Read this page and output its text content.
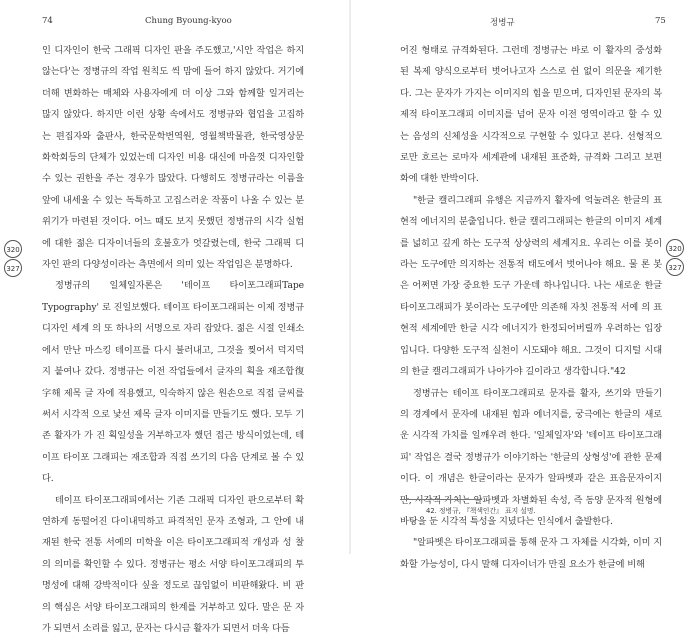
74	Chung Byoung-kyoo
320
327

인 디자인이 한국 그래픽 디자인 판을 주도했고,'시안 작업은 하지 않는다'는 정병규의 작업 원칙도 씩 맘에 들어 하지 않았다. 거기에 더해 변화하는 매체와 사용자에게 더 이상 그와 함께할 일거리는 많지 않았다. 하지만 이런 상황 속에서도 정병규와 협업을 고집하 는 편집자와 출판사, 한국문학번역원, 영월책박물관, 한국영상문 화학회등의 단체가 있었는데 디자인 비용 대신에 마음껏 디자인할 수 있는 권한을 주는 경우가 많았다. 다행히도 정병규라는 이름을 앞에 내세울 수 있는 독특하고 고집스러운 작품이 나올 수 있는 분 위기가 마련된 것이다. 어느 때도 보지 못했던 정병규의 시각 실험 에 대한 젊은 디자이너들의 호불호가 엇갈렸는데, 한국 그래픽 디 자인 판의 다양성이라는 측면에서 의미 있는 작업임은 분명하다.

정병규의 일체일자론은 '테이프 타이포그래피Tape Typography' 로 진일보했다. 테이프 타이포그래피는 이제 정병규 디자인 세계 의 또 하나의 서명으로 자리 잡았다. 젊은 시절 인쇄소에서 만난 마스킹 테이프를 다시 불러내고, 그것을 찢어서 덕지덕지 붙여나 갔다. 정병규는 이전 작업들에서 글자의 획을 재조합復字해 제목 글 자에 적용했고, 익숙하지 않은 원손으로 직접 글씨를 써서 시각적 으로 낯선 제목 글자 이미지를 만들기도 했다. 모두 기존 활자가 가 진 획일성을 거부하고자 했던 접근 방식이었는데, 테이프 타이포 그래피는 재조합과 직접 쓰기의 다음 단계로 볼 수 있다.

테이프 타이포그래피에서는 기존 그래픽 디자인 판으로부터 확연하게 동떨어진 다이내믹하고 파격적인 문자 조형과, 그 안에 내재된 한국 전통 서예의 미학을 이은 타이포그래피적 개성과 성 찰의 의미를 확인할 수 있다. 정병규는 평소 서양 타이포그래피의 투명성에 대해 강박적이다 싶을 정도로 끊임없이 비판해왔다. 비 판의 핵심은 서양 타이포그래피의 한계를 거부하고 있다. 말은 문 자가 되면서 소리를 잃고, 문자는 다시금 활자가 되면서 더욱 다듬

정병규	75
320
327

어진 형태로 규격화된다. 그런데 정병규는 바로 이 활자의 중성화 된 복제 양식으로부터 벗어나고자 스스로 쉰 없이 의문을 제기한 다. 그는 문자가 가지는 이미지의 힘을 믿으며, 디자인된 문자의 복 제적 타이포그래피 이미지를 넘어 문자 이전 영역이라고 할 수 있 는 음성의 신체성을 시각적으로 구현할 수 있다고 본다. 선형적으 로만 흐르는 로마자 세계관에 내재된 표준화, 규격화 그리고 보편 화에 대한 반박이다.

"한글 캘리그래피 유행은 지금까지 활자에 억눌려온 한글의 표현적 에너지의 분출입니다. 한글 캘리그래피는 한글의 이미지 세계를 넓히고 깊게 하는 도구적 상상력의 세계지요. 우리는 이를 봇이라는 도구에만 의지하는 전통적 태도에서 벗어나야 해요. 물 론 봇은 어쩌면 가장 중요한 도구 가운데 하나입니다. 나는 새로운 한글 타이포그래피가 봇이라는 도구에만 의존해 자칫 전통적 서예 의 표현적 세계에만 한글 시각 에너지가 한정되어버릴까 우려하는 입장입니다. 다양한 도구적 실천이 시도돼야 해요. 그것이 디지털 시대의 한글 캘리그래피가 나아가야 길이라고 생각합니다."42

정병규는 테이프 타이포그래피로 문자를 활자, 쓰기와 만들기 의 경계에서 문자에 내재된 힘과 에너지를, 궁극에는 한글의 새로 운 시각적 가치를 일깨우려 한다. '일체일자'와 '테이프 타이포그래 피' 작업은 결국 정병규가 이야기하는 '한글의 상형성'에 관한 문제 이다. 이 개념은 한글이라는 문자가 알파벳과 같은 표음문자이지 만, 시각적 가치는 알파벳과 차별화된 속성, 즉 동양 문자적 원형에 바탕을 둔 시각적 특성을 지녔다는 인식에서 출발한다.

"알파벳은 타이포그래피를 통해 문자 그 자체를 시각화, 이미 지화할 가능성이, 다시 말해 디자이너가 만질 요소가 한글에 비해

42. 정병규, 『책색인간』 표지 설명.
